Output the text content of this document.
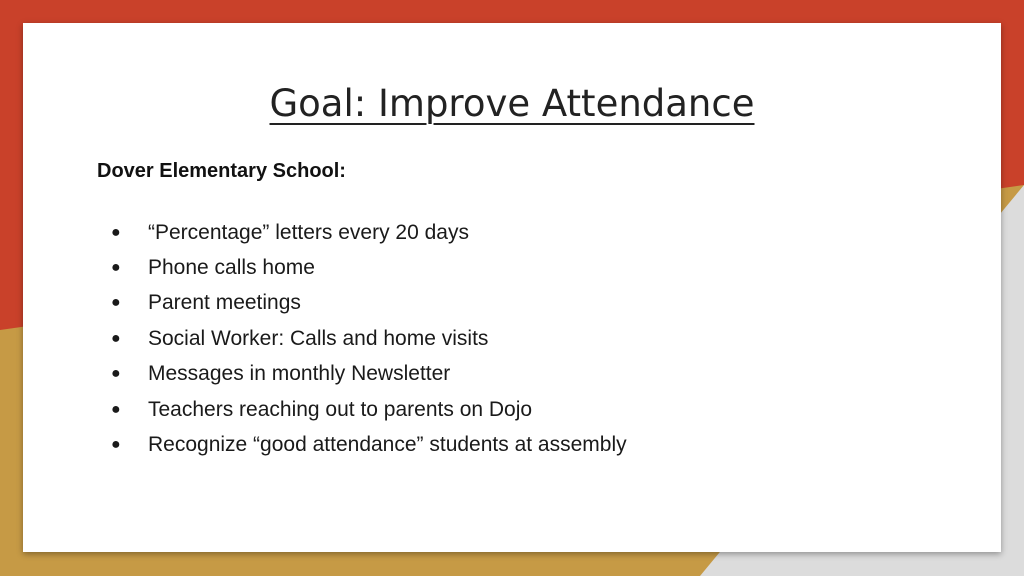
Goal: Improve Attendance
Dover Elementary School:
●	“Percentage” letters every 20 days
●	Phone calls home
●	Parent meetings
●	Social Worker: Calls and home visits
●	Messages in monthly Newsletter
●	Teachers reaching out to parents on Dojo
●	Recognize “good attendance” students at assembly
